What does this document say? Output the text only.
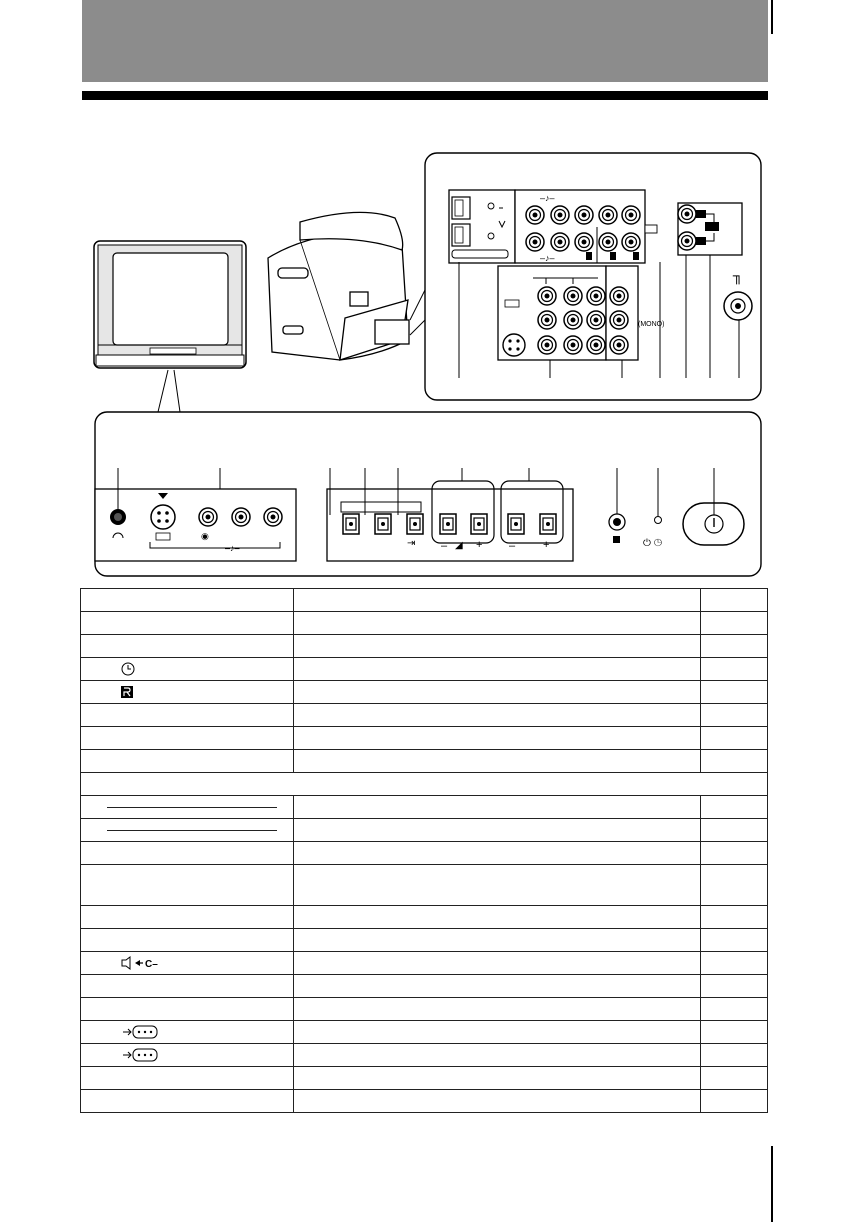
–♪–
–♪–
╖
(MONO)
– ◢ + –	+
⇥	⏻ ◷
–♪–
◉

C–		
